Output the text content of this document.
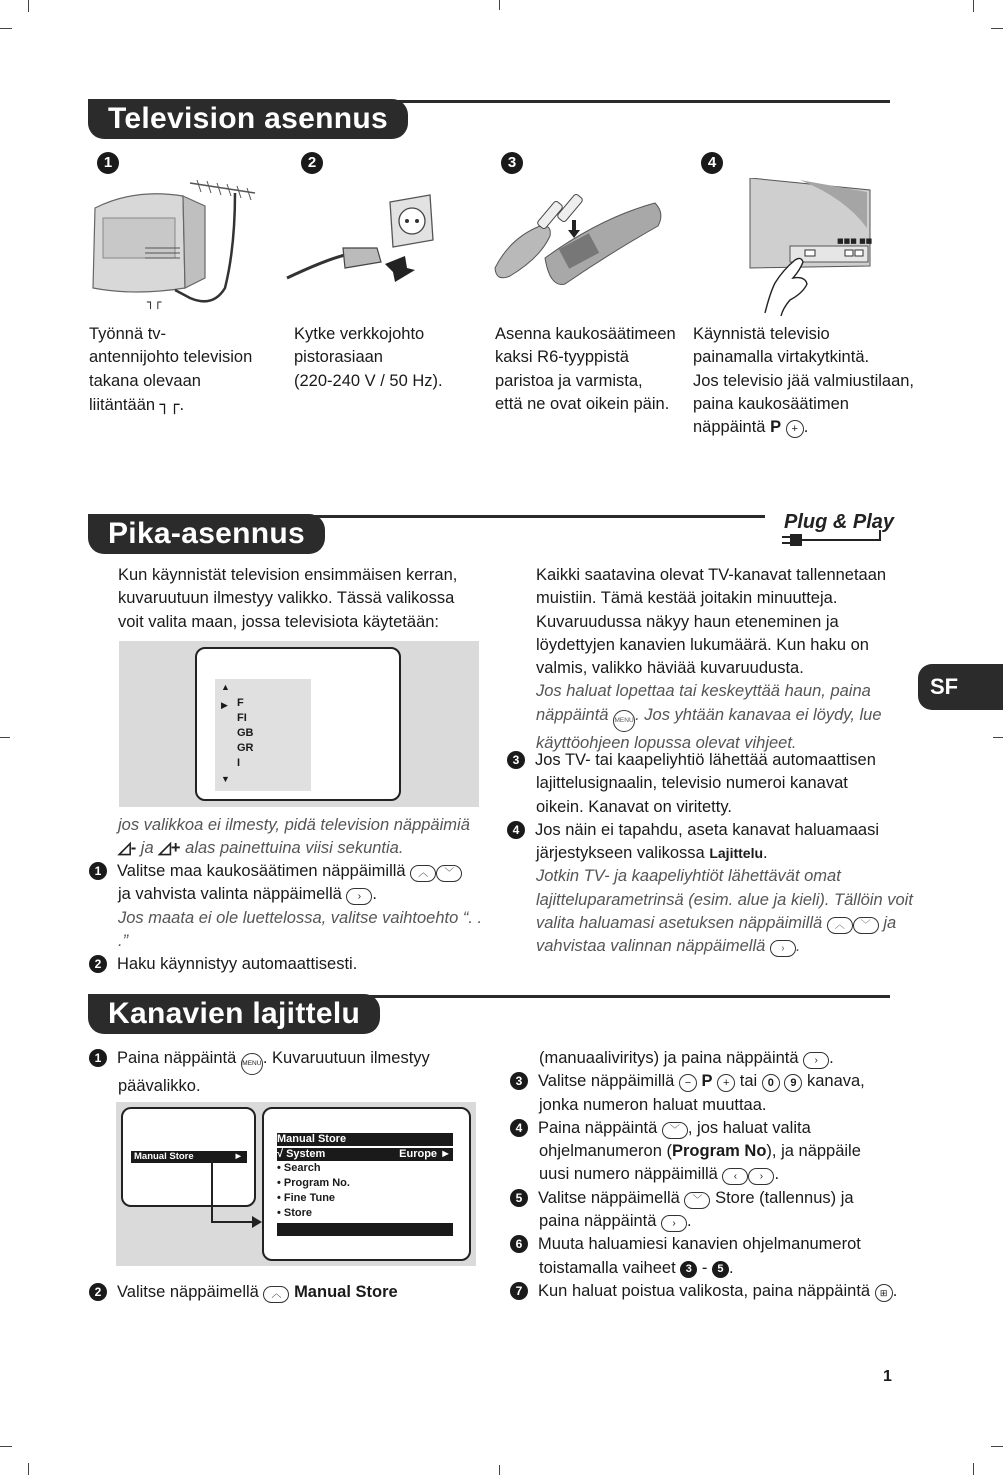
Television asennus
1	2	3	4
┐┌
■■■ ■■
Työnnä tv-
antennijohto television
takana olevaan
liitäntään ┐┌.
Kytke verkkojohto
pistorasiaan
(220-240 V / 50 Hz).
Asenna kaukosäätimeen
kaksi R6-tyyppistä
paristoa ja varmista,
että ne ovat oikein päin.
Käynnistä televisio
painamalla virtakytkintä.
Jos televisio jää valmiustilaan,
paina kaukosäätimen
näppäintä P + .
Pika-asennus	Plug & Play
SF
Kun käynnistät television ensimmäisen kerran,
kuvaruutuun ilmestyy valikko. Tässä valikossa
voit valita maan, jossa televisiota käytetään:
▲
▶ F
FI
GB
GR
I
▼
jos valikkoa ei ilmesty, pidä television näppäimiä
◿- ja ◿+ alas painettuina viisi sekuntia.
1 Valitse maa kaukosäätimen näppäimillä ︿ ﹀
ja vahvista valinta näppäimellä › .
Jos maata ei ole luettelossa, valitse vaihtoehto “. . .”
2 Haku käynnistyy automaattisesti.
Kaikki saatavina olevat TV-kanavat tallennetaan
muistiin. Tämä kestää joitakin minuutteja.
Kuvaruudussa näkyy haun eteneminen ja
löydettyjen kanavien lukumäärä. Kun haku on
valmis, valikko häviää kuvaruudusta.
Jos haluat lopettaa tai keskeyttää haun, paina
näppäintä MENU. Jos yhtään kanavaa ei löydy, lue
käyttöohjeen lopussa olevat vihjeet.
3 Jos TV- tai kaapeliyhtiö lähettää automaattisen
lajittelusignaalin, televisio numeroi kanavat
oikein. Kanavat on viritetty.
4 Jos näin ei tapahdu, aseta kanavat haluamaasi
järjestykseen valikossa Lajittelu.
Jotkin TV- ja kaapeliyhtiöt lähettävät omat
lajitteluparametrinsä (esim. alue ja kieli). Tällöin voit
valita haluamasi asetuksen näppäimillä ︿ ﹀ ja
vahvistaa valinnan näppäimellä › .
Kanavien lajittelu
1 Paina näppäintä MENU. Kuvaruutuun ilmestyy
päävalikko.
Manual Store	►
Manual Store
√ System	Europe ►
• Search
• Program No.
• Fine Tune
• Store
2 Valitse näppäimellä ︿ Manual Store
(manuaaliviritys) ja paina näppäintä › .
3 Valitse näppäimillä − P + tai 0 9 kanava,
jonka numeron haluat muuttaa.
4 Paina näppäintä ﹀ , jos haluat valita
ohjelmanumeron (Program No), ja näppäile
uusi numero näppäimillä ‹ › .
5 Valitse näppäimellä ﹀ Store (tallennus) ja
paina näppäintä › .
6 Muuta haluamiesi kanavien ohjelmanumerot
toistamalla vaiheet 3 - 5 .
7 Kun haluat poistua valikosta, paina näppäintä ⊞ .
1
